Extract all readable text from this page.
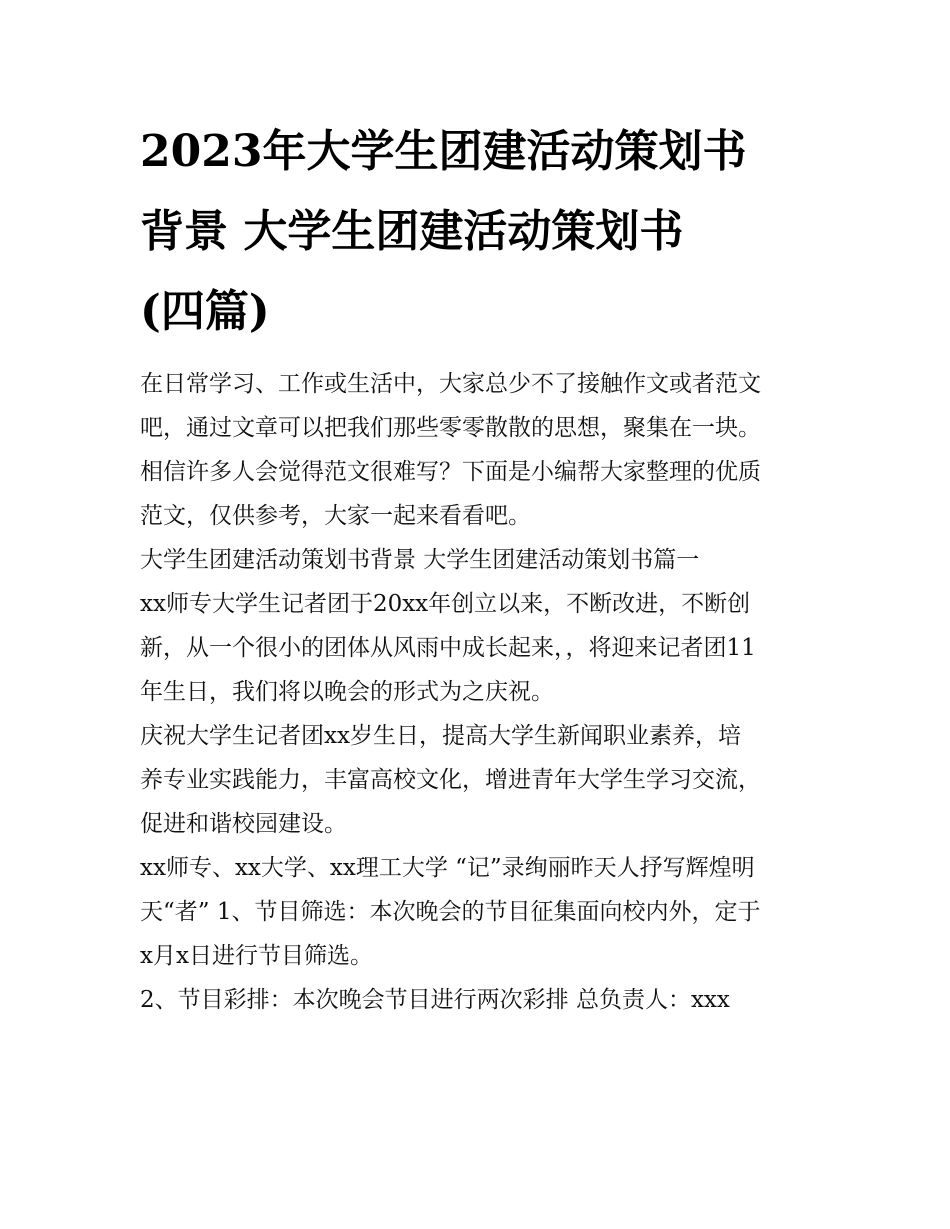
2023年大学生团建活动策划书
背景 大学生团建活动策划书
(四篇)

在日常学习、工作或生活中，大家总少不了接触作文或者范文
吧，通过文章可以把我们那些零零散散的思想，聚集在一块。
相信许多人会觉得范文很难写？下面是小编帮大家整理的优质
范文，仅供参考，大家一起来看看吧。

大学生团建活动策划书背景 大学生团建活动策划书篇一

xx师专大学生记者团于20xx年创立以来，不断改进，不断创
新，从一个很小的团体从风雨中成长起来，，将迎来记者团11
年生日，我们将以晚会的形式为之庆祝。

庆祝大学生记者团xx岁生日，提高大学生新闻职业素养，培
养专业实践能力，丰富高校文化，增进青年大学生学习交流，
促进和谐校园建设。

xx师专、xx大学、xx理工大学 “记”录绚丽昨天人抒写辉煌明
天“者” 1、节目筛选：本次晚会的节目征集面向校内外，定于
x月x日进行节目筛选。

2、节目彩排：本次晚会节目进行两次彩排 总负责人：xxx
